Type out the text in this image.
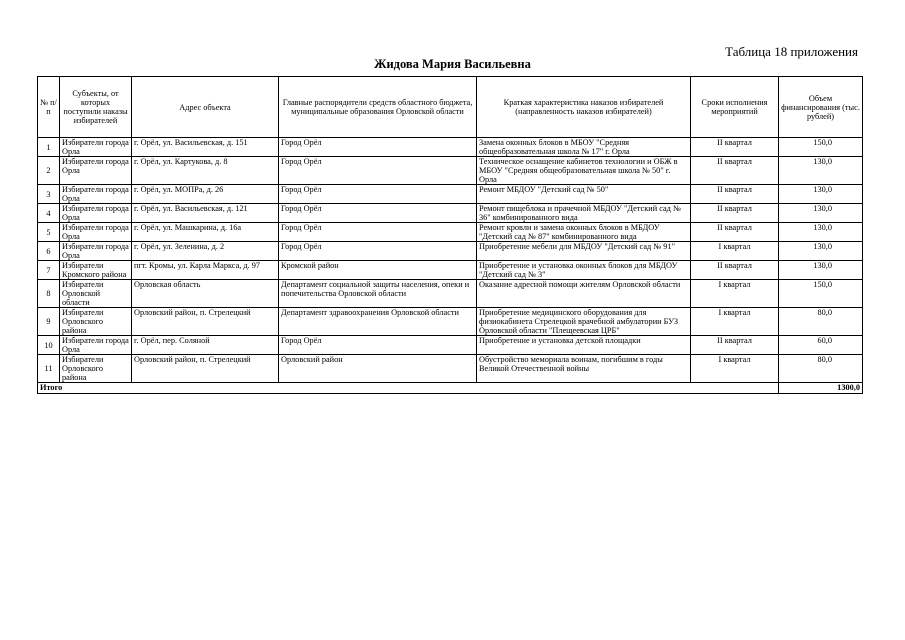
Таблица 18 приложения
Жидова Мария Васильевна
№ п/п	Субъекты, от которых поступили наказы избирателей	Адрес объекта	Главные распорядители средств областного бюджета, муниципальные образования Орловской области	Краткая характеристика наказов избирателей (направленность наказов избирателей)	Сроки исполнения мероприятий	Объем финансирования (тыс. рублей)
1	Избиратели города Орла	г. Орёл, ул. Васильевская, д. 151	Город Орёл	Замена оконных блоков в МБОУ "Средняя общеобразовательная школа № 17" г. Орла	II квартал	150,0
2	Избиратели города Орла	г. Орёл, ул. Картукова, д. 8	Город Орёл	Техническое оснащение кабинетов технологии и ОБЖ в МБОУ "Средняя общеобразовательная школа № 50" г. Орла	II квартал	130,0
3	Избиратели города Орла	г. Орёл, ул. МОПРа, д. 26	Город Орёл	Ремонт МБДОУ "Детский сад № 50"	II квартал	130,0
4	Избиратели города Орла	г. Орёл, ул. Васильевская, д. 121	Город Орёл	Ремонт пищеблока и прачечной МБДОУ "Детский сад № 36" комбинированного вида	II квартал	130,0
5	Избиратели города Орла	г. Орёл, ул. Машкарина, д. 16а	Город Орёл	Ремонт кровли и замена оконных блоков в МБДОУ "Детский сад № 87" комбинированного вида	II квартал	130,0
6	Избиратели города Орла	г. Орёл, ул. Зеленина, д. 2	Город Орёл	Приобретение мебели для МБДОУ "Детский сад № 91"	I квартал	130,0
7	Избиратели Кромского района	пгт. Кромы, ул. Карла Маркса, д. 97	Кромской район	Приобретение и установка оконных блоков для МБДОУ "Детский сад № 3"	II квартал	130,0
8	Избиратели Орловской области	Орловская область	Департамент социальной защиты населения, опеки и попечительства Орловской области	Оказание адресной помощи жителям Орловской области	I квартал	150,0
9	Избиратели Орловского района	Орловский район, п. Стрелецкий	Департамент здравоохранения Орловской области	Приобретение медицинского оборудования для физиокабинета Стрелецкой врачебной амбулатории БУЗ Орловской области "Плещеевская ЦРБ"	I квартал	80,0
10	Избиратели города Орла	г. Орёл, пер. Соляной	Город Орёл	Приобретение и установка детской площадки	II квартал	60,0
11	Избиратели Орловского района	Орловский район, п. Стрелецкий	Орловский район	Обустройство мемориала воинам, погибшим в годы Великой Отечественной войны	I квартал	80,0
Итого						1300,0
